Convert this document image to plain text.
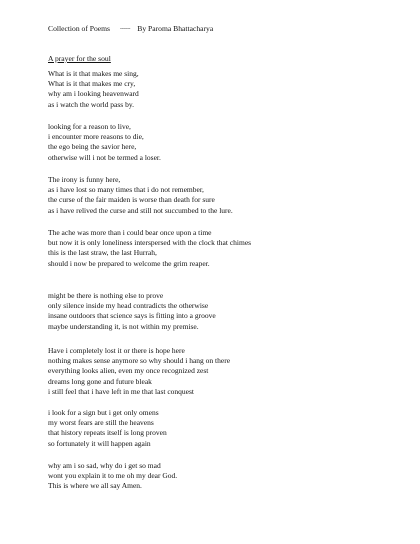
Collection of Poems ------- By Paroma Bhattacharya
A prayer for the soul

What is it that makes me sing,
What is it that makes me cry,
why am i looking heavenward
as i watch the world pass by.

looking for a reason to live,
i encounter more reasons to die,
the ego being the savior here,
otherwise will i not be termed a loser.

The irony is funny here,
as i have lost so many times that i do not remember,
the curse of the fair maiden is worse than death for sure
as i have relived the curse and still not succumbed to the lure.

The ache was more than i could bear once upon a time
but now it is only loneliness interspersed with the clock that chimes
this is the last straw, the last Hurrah,
should i now be prepared to welcome the grim reaper.

might be there is nothing else to prove
only silence inside my head contradicts the otherwise
insane outdoors that science says is fitting into a groove
maybe understanding it, is not within my premise.

Have i completely lost it or there is hope here
nothing makes sense anymore so why should i hang on there
everything looks alien, even my once recognized zest
dreams long gone and future bleak
i still feel that i have left in me that last conquest

i look for a sign but i get only omens
my worst fears are still the heavens
that history repeats itself is long proven
so fortunately it will happen again

why am i so sad, why do i get so mad
wont you explain it to me oh my dear God.
This is where we all say Amen.
